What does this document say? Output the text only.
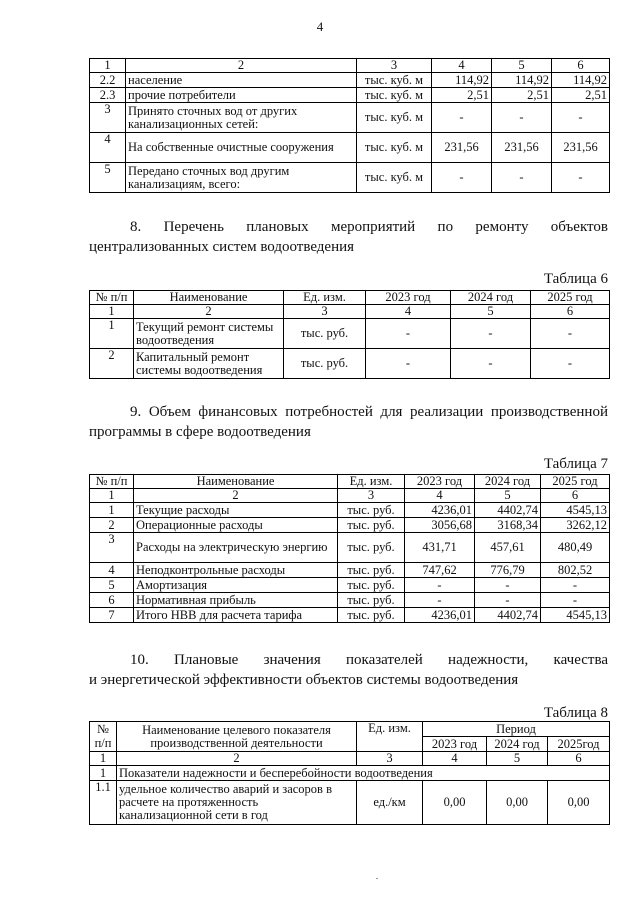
4
1	2	3	4	5	6
2.2	население	тыс. куб. м	114,92	114,92	114,92
2.3	прочие потребители	тыс. куб. м	2,51	2,51	2,51
3	Принято сточных вод от других канализационных сетей:	тыс. куб. м	-	-	-
4	На собственные очистные сооружения	тыс. куб. м	231,56	231,56	231,56
5	Передано сточных вод другим канализациям, всего:	тыс. куб. м	-	-	-
8. Перечень плановых мероприятий по ремонту объектов
централизованных систем водоотведения
Таблица 6
№ п/п	Наименование	Ед. изм.	2023 год	2024 год	2025 год
1	2	3	4	5	6
1	Текущий ремонт системы водоотведения	тыс. руб.	-	-	-
2	Капитальный ремонт системы водоотведения	тыс. руб.	-	-	-
9. Объем финансовых потребностей для реализации производственной
программы в сфере водоотведения
Таблица 7
№ п/п	Наименование	Ед. изм.	2023 год	2024 год	2025 год
1	2	3	4	5	6
1	Текущие расходы	тыс. руб.	4236,01	4402,74	4545,13
2	Операционные расходы	тыс. руб.	3056,68	3168,34	3262,12
3	Расходы на электрическую энергию	тыс. руб.	431,71	457,61	480,49
4	Неподконтрольные расходы	тыс. руб.	747,62	776,79	802,52
5	Амортизация	тыс. руб.	-	-	-
6	Нормативная прибыль	тыс. руб.	-	-	-
7	Итого НВВ для расчета тарифа	тыс. руб.	4236,01	4402,74	4545,13
10. Плановые значения показателей надежности, качества
и энергетической эффективности объектов системы водоотведения
Таблица 8
№	Наименование целевого показателя производственной деятельности	Ед. изм.	Период		
п/п			2023 год	2024 год	2025год
1	2	3	4	5	6
1	Показатели надежности и бесперебойности водоотведения				
1.1	удельное количество аварий и засоров в расчете на протяженность канализационной сети в год	ед./км	0,00	0,00	0,00
